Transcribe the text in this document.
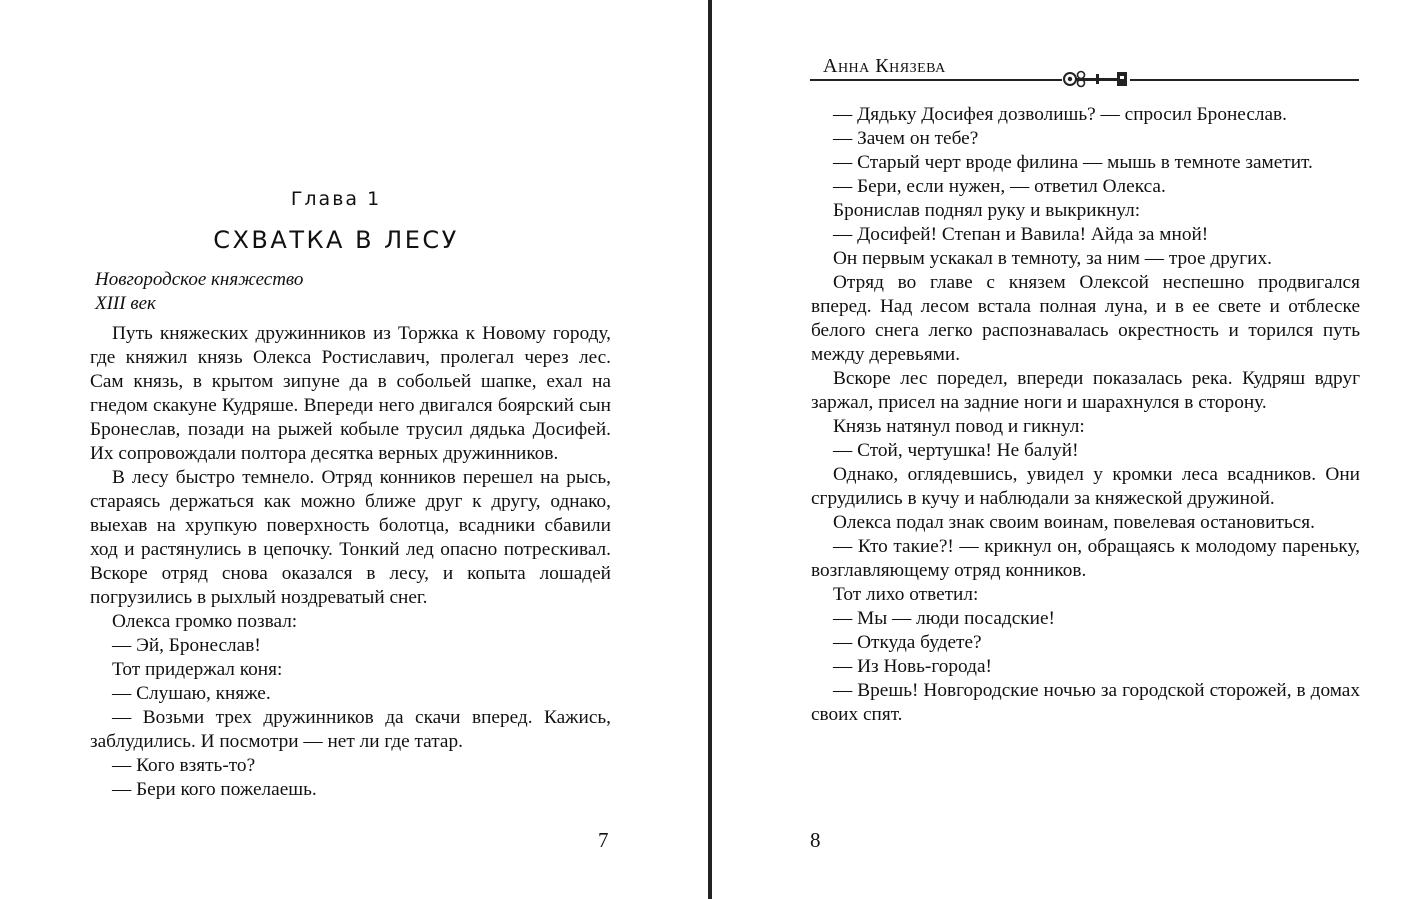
Глава 1
СХВАТКА В ЛЕСУ
Новгородское княжество
XIII век

Путь княжеских дружинников из Торжка к Новому городу, где княжил князь Олекса Ростиславич, пролегал через лес. Сам князь, в крытом зипуне да в собольей шапке, ехал на гнедом скакуне Кудряше. Впереди него двигался боярский сын Бронеслав, позади на рыжей кобыле трусил дядька Досифей. Их сопровождали полтора десятка верных дружинников.

В лесу быстро темнело. Отряд конников перешел на рысь, стараясь держаться как можно ближе друг к другу, однако, выехав на хрупкую поверхность болотца, всадники сбавили ход и растянулись в цепочку. Тонкий лед опасно потрескивал. Вскоре отряд снова оказался в лесу, и копыта лошадей погрузились в рыхлый ноздреватый снег.

Олекса громко позвал:

— Эй, Бронеслав!

Тот придержал коня:

— Слушаю, княже.

— Возьми трех дружинников да скачи вперед. Кажись, заблудились. И посмотри — нет ли где татар.

— Кого взять-то?

— Бери кого пожелаешь.

7
Анна Князева

— Дядьку Досифея дозволишь? — спросил Бронеслав.

— Зачем он тебе?

— Старый черт вроде филина — мышь в темноте заметит.

— Бери, если нужен, — ответил Олекса.

Бронислав поднял руку и выкрикнул:

— Досифей! Степан и Вавила! Айда за мной!

Он первым ускакал в темноту, за ним — трое других.

Отряд во главе с князем Олексой неспешно продвигался вперед. Над лесом встала полная луна, и в ее свете и отблеске белого снега легко распознавалась окрестность и торился путь между деревьями.

Вскоре лес поредел, впереди показалась река. Кудряш вдруг заржал, присел на задние ноги и шарахнулся в сторону.

Князь натянул повод и гикнул:

— Стой, чертушка! Не балуй!

Однако, оглядевшись, увидел у кромки леса всадников. Они сгрудились в кучу и наблюдали за княжеской дружиной.

Олекса подал знак своим воинам, повелевая остановиться.

— Кто такие?! — крикнул он, обращаясь к молодому пареньку, возглавляющему отряд конников.

Тот лихо ответил:

— Мы — люди посадские!

— Откуда будете?

— Из Новь-города!

— Врешь! Новгородские ночью за городской сторожей, в домах своих спят.

8
